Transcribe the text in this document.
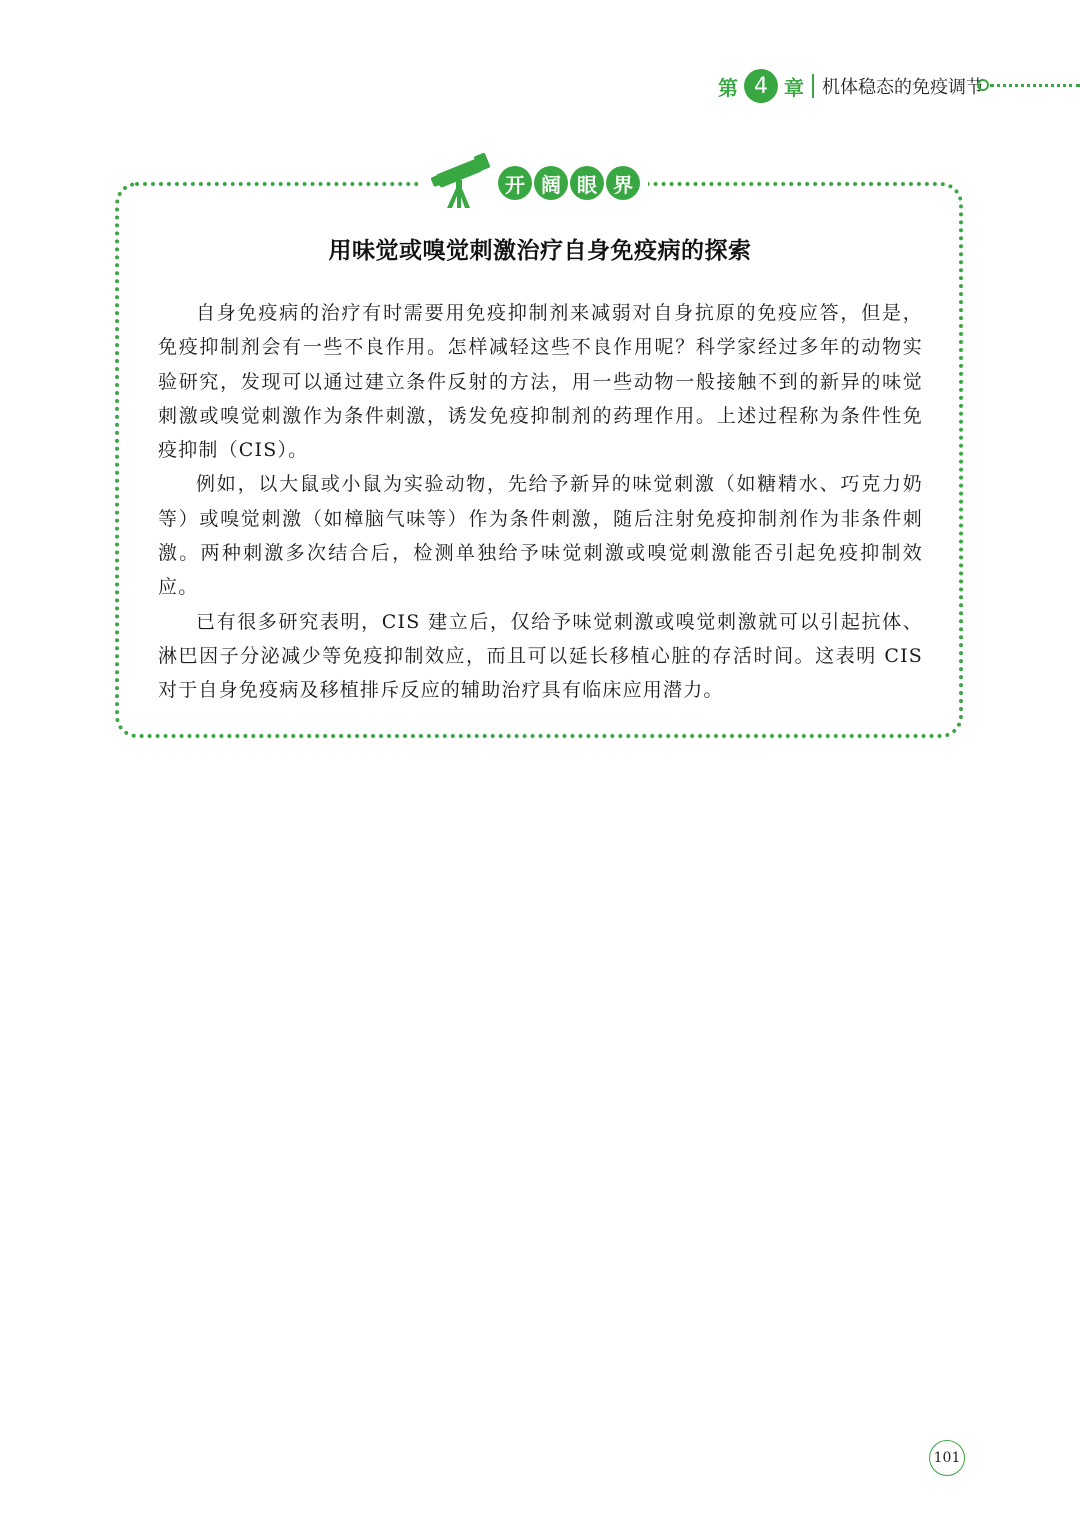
第 4 章 机体稳态的免疫调节
开 阔 眼 界
用味觉或嗅觉刺激治疗自身免疫病的探索

自身免疫病的治疗有时需要用免疫抑制剂来减弱对自身抗原的免疫应答，但是，免疫抑制剂会有一些不良作用。怎样减轻这些不良作用呢？科学家经过多年的动物实验研究，发现可以通过建立条件反射的方法，用一些动物一般接触不到的新异的味觉刺激或嗅觉刺激作为条件刺激，诱发免疫抑制剂的药理作用。上述过程称为条件性免疫抑制（CIS）。

例如，以大鼠或小鼠为实验动物，先给予新异的味觉刺激（如糖精水、巧克力奶等）或嗅觉刺激（如樟脑气味等）作为条件刺激，随后注射免疫抑制剂作为非条件刺激。两种刺激多次结合后，检测单独给予味觉刺激或嗅觉刺激能否引起免疫抑制效应。

已有很多研究表明，CIS 建立后，仅给予味觉刺激或嗅觉刺激就可以引起抗体、淋巴因子分泌减少等免疫抑制效应，而且可以延长移植心脏的存活时间。这表明 CIS 对于自身免疫病及移植排斥反应的辅助治疗具有临床应用潜力。

101
